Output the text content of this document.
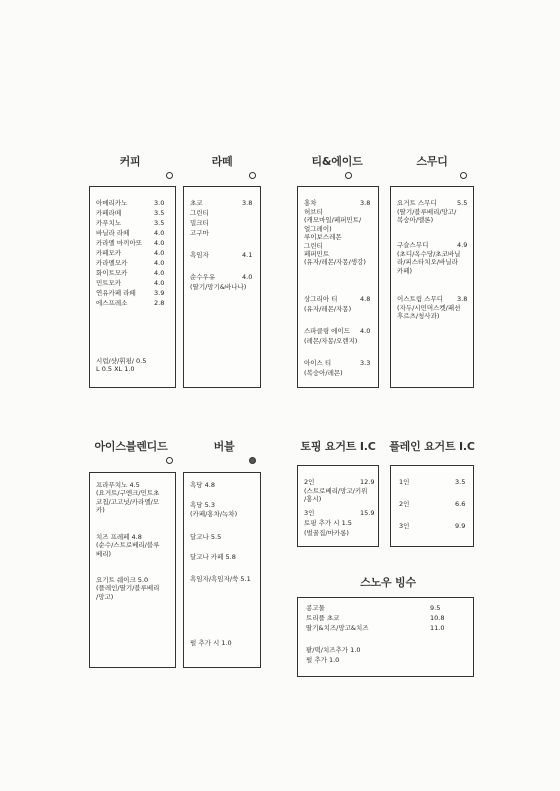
커피	라떼	티&에이드	스무디
아메리카노	3.0
카페라떼	3.5
카푸치노	3.5
바닐라 라떼	4.0
카라멜 마끼아또 4.0
카페모카	4.0
카라멜모카	4.0
화이트모카	4.0
민트모카	4.0
연유카페 라떼	3.9
에스프레소	2.8
시럽/샷/휘핑/ 0.5
L 0.5 XL 1.0
초코	3.8
그린티
밀크티
고구마
흑임자	4.1
순수우유	4.0
(딸기/망기&바나나)
홍차	3.8
허브티
(캐모마일/페퍼민트/
얼그레이)
루이보스레몬
그린티
페퍼민트
(유자/레몬/자몽/생강)
상그리아 티	4.8
(유자/레몬/자몽)
스파클링 에이드 4.0
(레몬/자몽/오렌지)
아이스 티	3.3
(복숭아/레몬)
요거트 스무디	5.5
(딸기/블루베리/망고/
복숭아/멜론)
구슬스무디	4.9
(초디/옥수당/초코바닐
라/피스타치오/바닐라
카페)
이스트림 스무디 3.8
(자두/시민머스켓/패션
후르츠/청사과)
아이스블렌디드	버블	토핑 요거트 I.C 플레인 요거트 I.C
프라푸치노 4.5
(요거트/구엔크/민트초
코칩/고고넛/카라멜/모
카)
치즈 프레페 4.8
(순수/스트로베리/블루
베리)
요기트 쉐이크 5.0
(플레인/딸기/블루베리
/망고)
흑당 4.8
흑당 5.3
(카페/홍차/녹차)
달고나 5.5
달고나 카페 5.8
흑임자/흑임자/쑥 5.1
펄 추가 시 1.0
2인	12.9
(스트로베리/망고/키위
/홍시)
3인	15.9
토핑 추가 시 1.5
(벌꿀집/마카롱)
1인	3.5
2인	6.6
3인	9.9
스노우 빙수
콩고물	9.5
트리플 초코	10.8
딸기&치즈/망고&치즈	11.0
팥/떡/치즈추가 1.0
펄 추가 1.0
